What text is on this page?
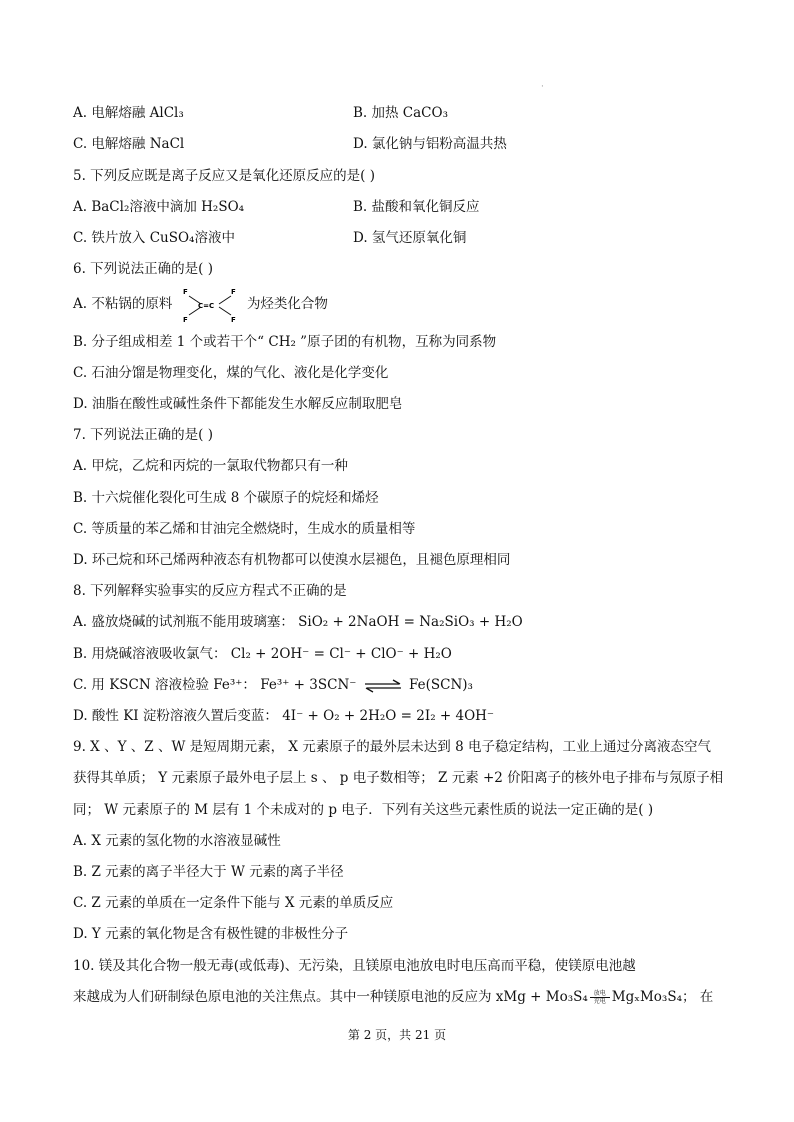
·
A. 电解熔融 AlCl₃	B. 加热 CaCO₃
C. 电解熔融 NaCl	D. 氯化钠与铝粉高温共热
5. 下列反应既是离子反应又是氧化还原反应的是( )
A. BaCl₂溶液中滴加 H₂SO₄	B. 盐酸和氧化铜反应
C. 铁片放入 CuSO₄溶液中	D. 氢气还原氧化铜
6. 下列说法正确的是( )
A. 不粘锅的原料
F	F
F	F
C=C 为烃类化合物
B. 分子组成相差 1 个或若干个“ CH₂ ”原子团的有机物，互称为同系物
C. 石油分馏是物理变化，煤的气化、液化是化学变化
D. 油脂在酸性或碱性条件下都能发生水解反应制取肥皂
7. 下列说法正确的是( )
A. 甲烷，乙烷和丙烷的一氯取代物都只有一种
B. 十六烷催化裂化可生成 8 个碳原子的烷烃和烯烃
C. 等质量的苯乙烯和甘油完全燃烧时，生成水的质量相等
D. 环己烷和环己烯两种液态有机物都可以使溴水层褪色，且褪色原理相同
8. 下列解释实验事实的反应方程式不正确的是
A. 盛放烧碱的试剂瓶不能用玻璃塞： SiO₂ + 2NaOH = Na₂SiO₃ + H₂O
B. 用烧碱溶液吸收氯气： Cl₂ + 2OH⁻ = Cl⁻ + ClO⁻ + H₂O
C. 用 KSCN 溶液检验 Fe³⁺： Fe³⁺ + 3SCN⁻ ⇌ Fe(SCN)₃
D. 酸性 KI 淀粉溶液久置后变蓝： 4I⁻ + O₂ + 2H₂O = 2I₂ + 4OH⁻
9. X 、Y 、Z 、W 是短周期元素， X 元素原子的最外层未达到 8 电子稳定结构，工业上通过分离液态空气
获得其单质； Y 元素原子最外电子层上 s 、 p 电子数相等； Z 元素 +2 价阳离子的核外电子排布与氖原子相
同； W 元素原子的 M 层有 1 个未成对的 p 电子．下列有关这些元素性质的说法一定正确的是( )
A. X 元素的氢化物的水溶液显碱性
B. Z 元素的离子半径大于 W 元素的离子半径
C. Z 元素的单质在一定条件下能与 X 元素的单质反应
D. Y 元素的氧化物是含有极性键的非极性分子
10. 镁及其化合物一般无毒(或低毒)、无污染，且镁原电池放电时电压高而平稳，使镁原电池越
来越成为人们研制绿色原电池的关注焦点。其中一种镁原电池的反应为 xMg + Mo₃S₄ 放电
充电 MgₓMo₃S₄； 在
第 2 页，共 21 页
